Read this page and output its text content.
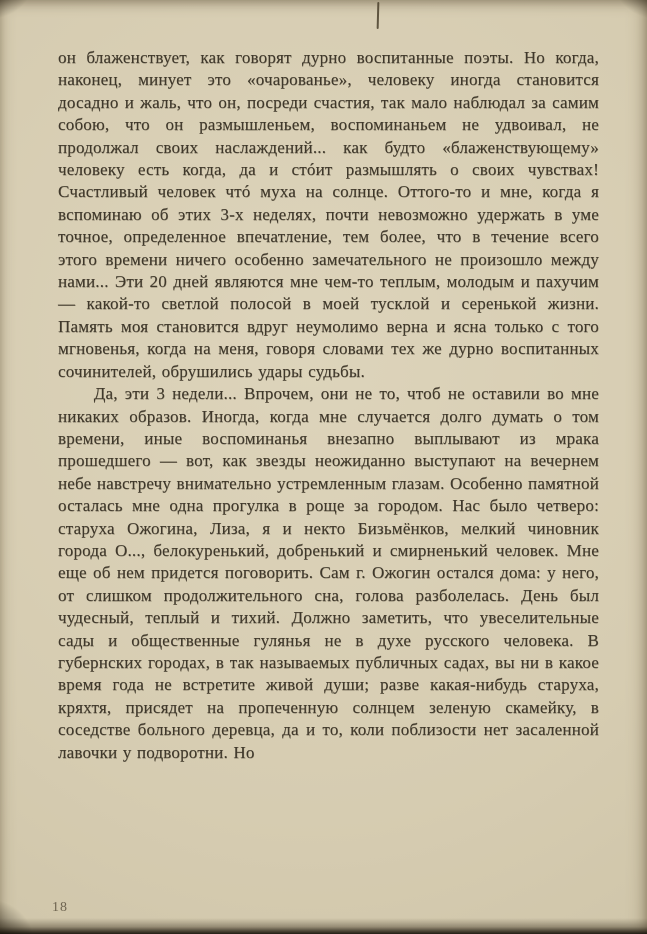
он блаженствует, как говорят дурно воспитанные поэты. Но когда, наконец, минует это «очарованье», человеку иногда становится досадно и жаль, что он, посреди счастия, так мало наблюдал за самим собою, что он размышленьем, воспоминаньем не удвоивал, не продолжал своих наслаждений... как будто «блаженствующему» человеку есть когда, да и стóит размышлять о своих чувствах! Счастливый человек чтó муха на солнце. Оттого-то и мне, когда я вспоминаю об этих 3-х неделях, почти невозможно удержать в уме точное, определенное впечатление, тем более, что в течение всего этого времени ничего особенно замечательного не произошло между нами... Эти 20 дней являются мне чем-то теплым, молодым и пахучим — какой-то светлой полосой в моей тусклой и серенькой жизни. Память моя становится вдруг неумолимо верна и ясна только с того мгновенья, когда на меня, говоря словами тех же дурно воспитанных сочинителей, обрушились удары судьбы.

Да, эти 3 недели... Впрочем, они не то, чтоб не оставили во мне никаких образов. Иногда, когда мне случается долго думать о том времени, иные воспоминанья внезапно выплывают из мрака прошедшего — вот, как звезды неожиданно выступают на вечернем небе навстречу внимательно устремленным глазам. Особенно памятной осталась мне одна прогулка в роще за городом. Нас было четверо: старуха Ожогина, Лиза, я и некто Бизьмёнков, мелкий чиновник города О..., белокуренький, добренький и смирненький человек. Мне еще об нем придется поговорить. Сам г. Ожогин остался дома: у него, от слишком продолжительного сна, голова разболелась. День был чудесный, теплый и тихий. Должно заметить, что увеселительные сады и общественные гулянья не в духе русского человека. В губернских городах, в так называемых публичных садах, вы ни в какое время года не встретите живой души; разве какая-нибудь старуха, кряхтя, присядет на пропеченную солнцем зеленую скамейку, в соседстве больного деревца, да и то, коли поблизости нет засаленной лавочки у подворотни. Но

18
